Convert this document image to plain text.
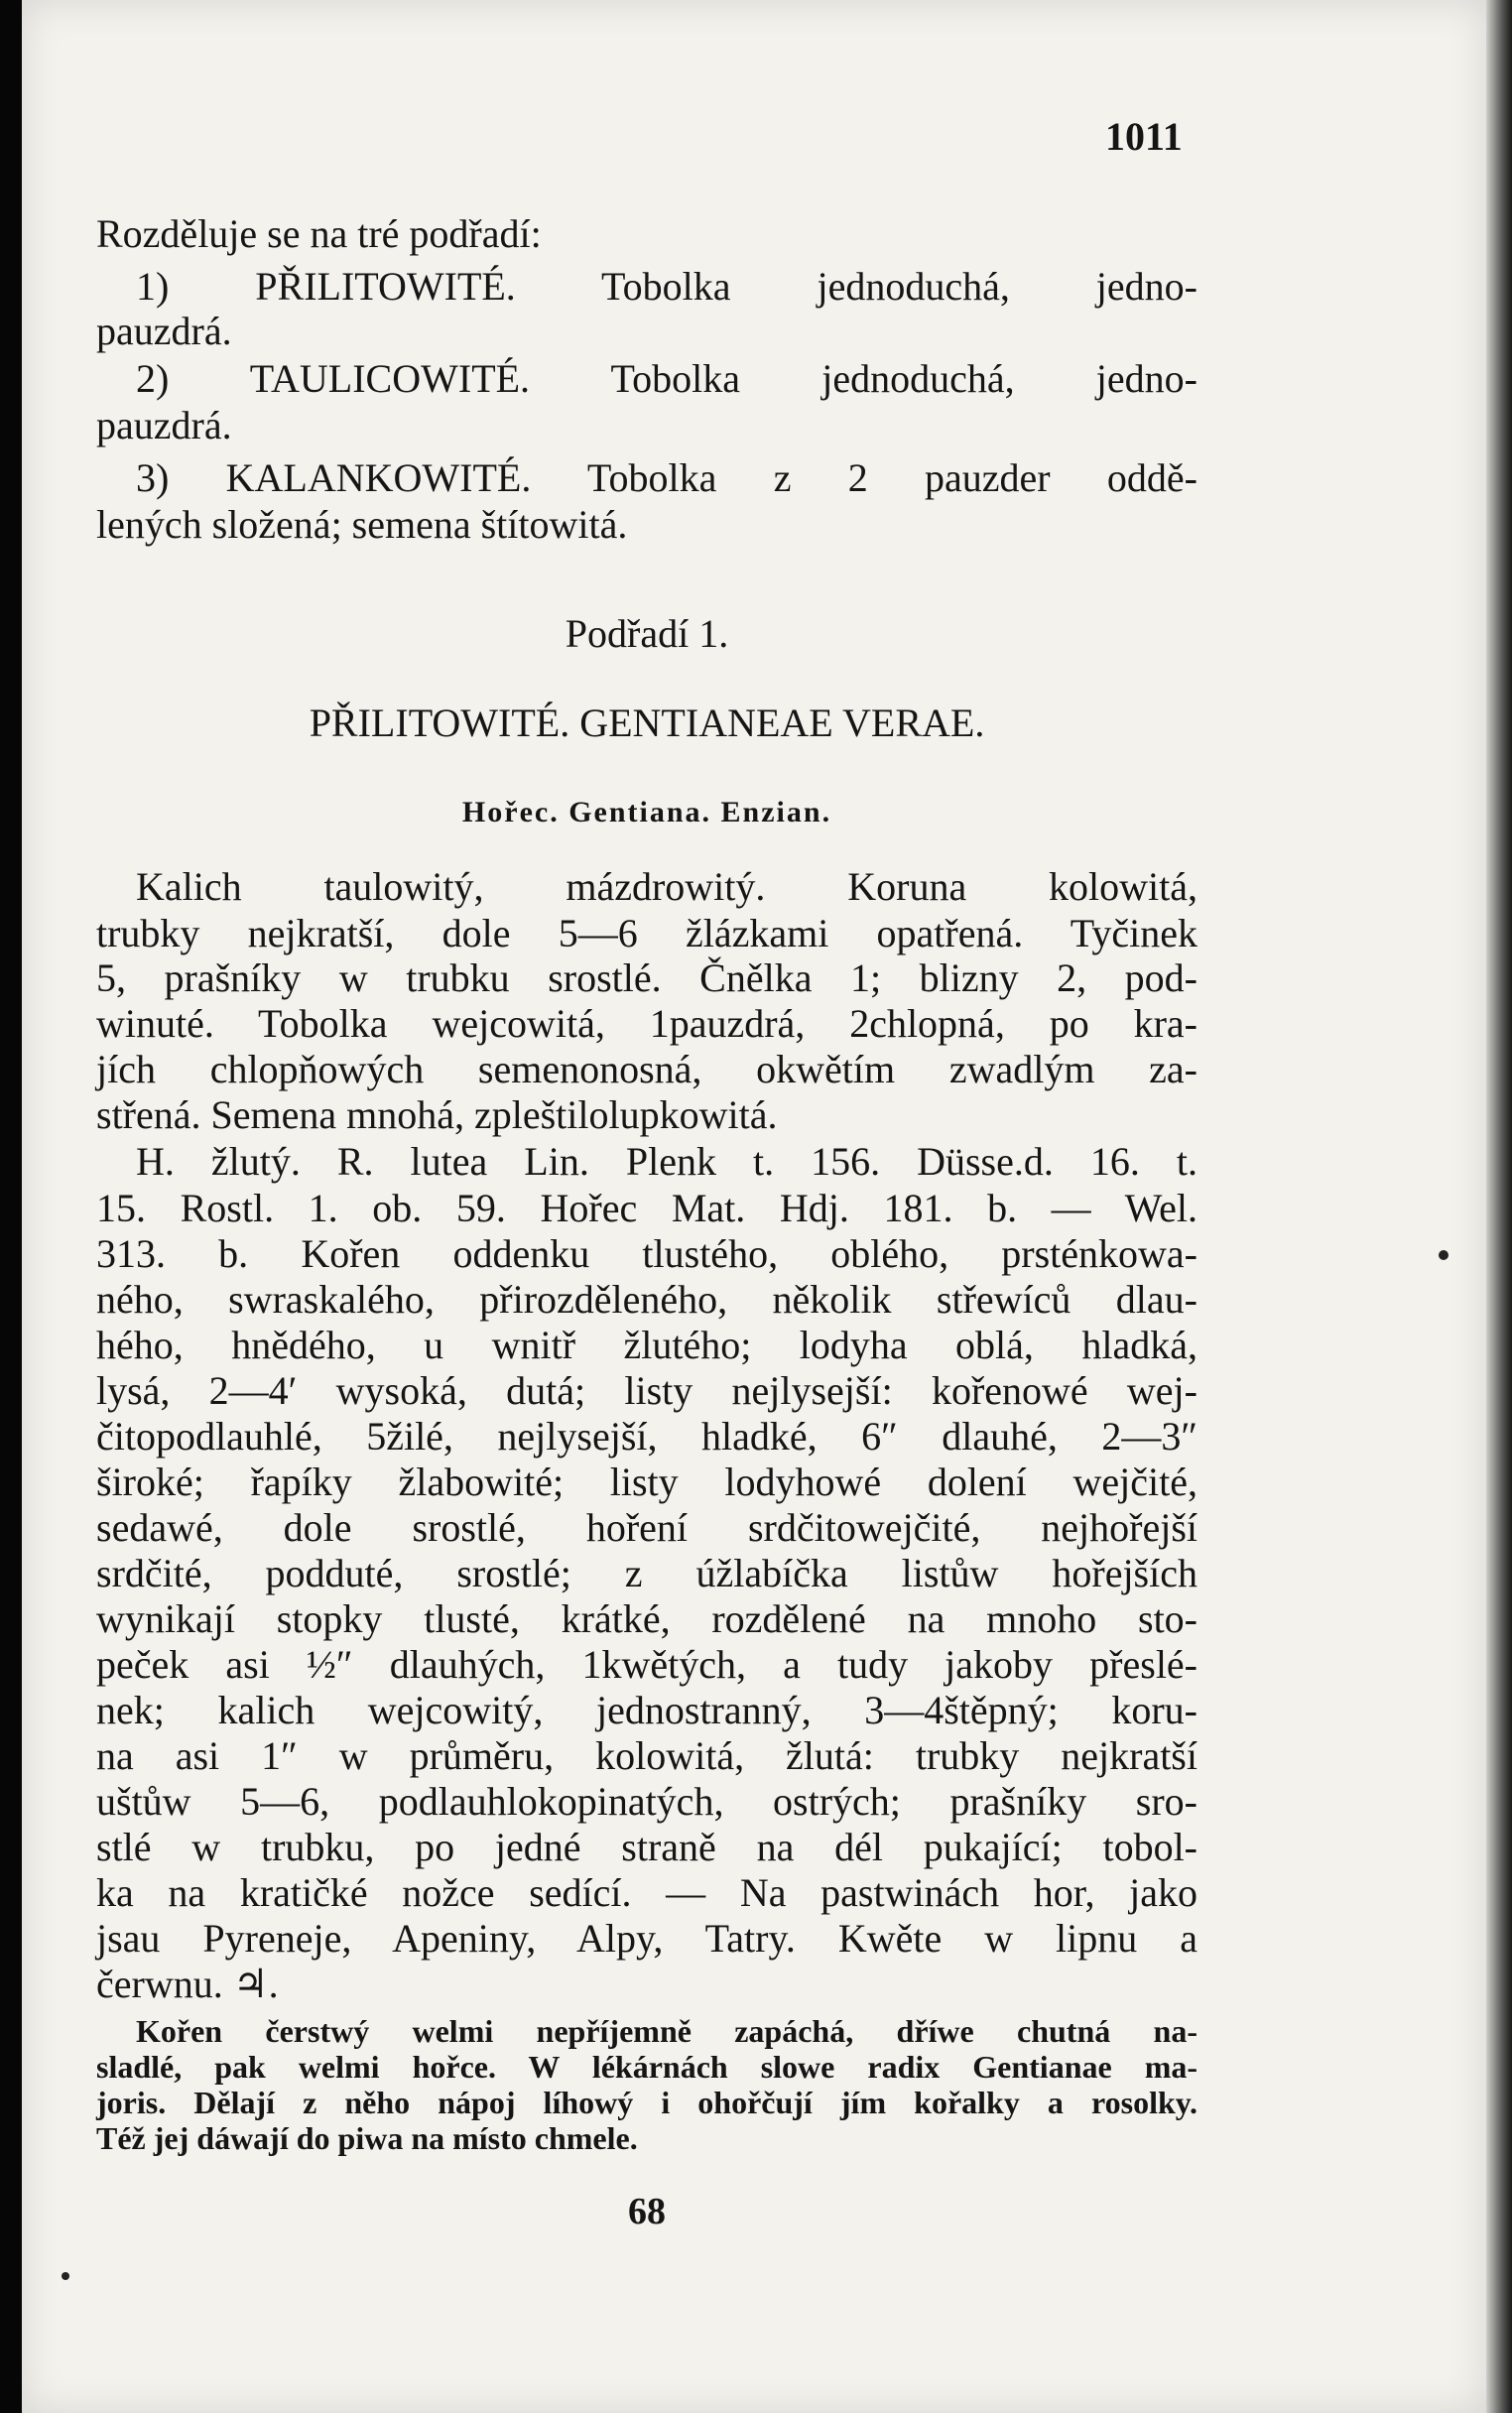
1011
Rozděluje se na tré podřadí:
1) PŘILITOWITÉ. Tobolka jednoduchá, jedno-
pauzdrá.
2) TAULICOWITÉ. Tobolka jednoduchá, jedno-
pauzdrá.
3) KALANKOWITÉ. Tobolka z 2 pauzder oddě-
lených složená; semena štítowitá.
Podřadí 1.
PŘILITOWITÉ. GENTIANEAE VERAE.
Hořec. Gentiana. Enzian.
Kalich taulowitý, mázdrowitý. Koruna kolowitá,
trubky nejkratší, dole 5—6 žlázkami opatřená. Tyčinek
5, prašníky w trubku srostlé. Čnělka 1; blizny 2, pod-
winuté. Tobolka wejcowitá, 1pauzdrá, 2chlopná, po kra-
jích chlopňowých semenonosná, okwětím zwadlým za-
střená. Semena mnohá, zpleštilolupkowitá.
H. žlutý. R. lutea Lin. Plenk t. 156. Düsse.d. 16. t.
15. Rostl. 1. ob. 59. Hořec Mat. Hdj. 181. b. — Wel.
313. b. Kořen oddenku tlustého, oblého, prsténkowa-
ného, swraskalého, přirozděleného, několik střewíců dlau-
hého, hnědého, u wnitř žlutého; lodyha oblá, hladká,
lysá, 2—4′ wysoká, dutá; listy nejlysejší: kořenowé wej-
čitopodlauhlé, 5žilé, nejlysejší, hladké, 6″ dlauhé, 2—3″
široké; řapíky žlabowité; listy lodyhowé dolení wejčité,
sedawé, dole srostlé, hoření srdčitowejčité, nejhořejší
srdčité, podduté, srostlé; z úžlabíčka listůw hořejších
wynikají stopky tlusté, krátké, rozdělené na mnoho sto-
peček asi ½″ dlauhých, 1kwětých, a tudy jakoby přeslé-
nek; kalich wejcowitý, jednostranný, 3—4štěpný; koru-
na asi 1″ w průměru, kolowitá, žlutá: trubky nejkratší
uštůw 5—6, podlauhlokopinatých, ostrých; prašníky sro-
stlé w trubku, po jedné straně na dél pukající; tobol-
ka na kratičké nožce sedící. — Na pastwinách hor, jako
jsau Pyreneje, Apeniny, Alpy, Tatry. Kwěte w lipnu a
čerwnu. ♃.
Kořen čerstwý welmi nepříjemně zapáchá, dříwe chutná na-
sladlé, pak welmi hořce. W lékárnách slowe radix Gentianae ma-
joris. Dělají z něho nápoj líhowý i ohořčují jím kořalky a rosolky.
Též jej dáwají do piwa na místo chmele.
68
